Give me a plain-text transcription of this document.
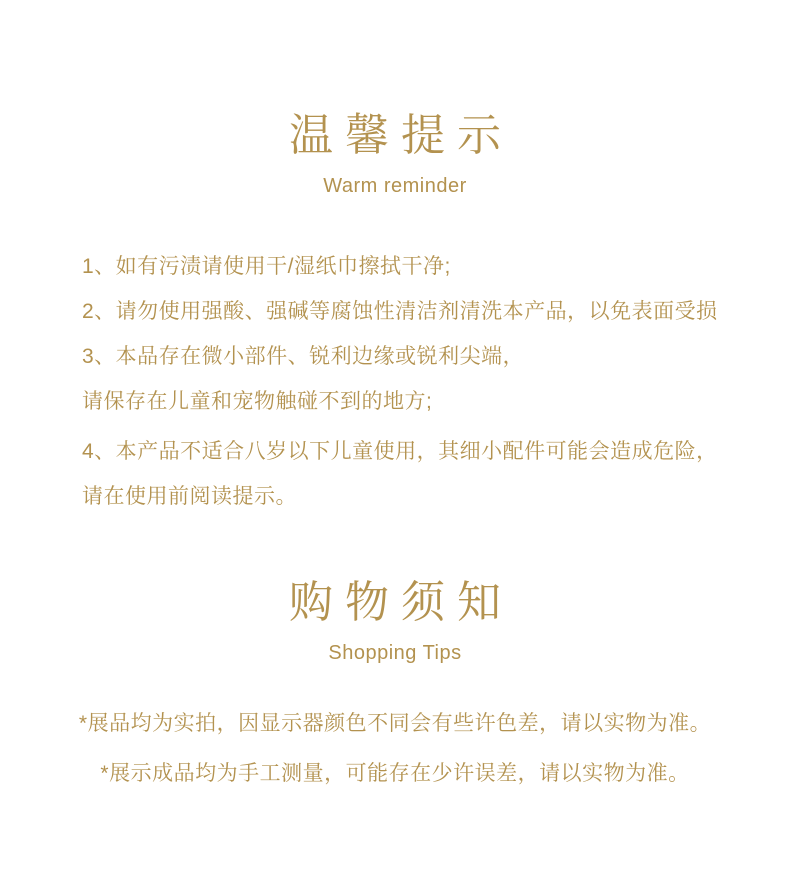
温馨提示
Warm reminder
1、如有污渍请使用干/湿纸巾擦拭干净;
2、请勿使用强酸、强碱等腐蚀性清洁剂清洗本产品，以免表面受损
3、本品存在微小部件、锐利边缘或锐利尖端，
请保存在儿童和宠物触碰不到的地方;
4、本产品不适合八岁以下儿童使用，其细小配件可能会造成危险，
请在使用前阅读提示。
购物须知
Shopping Tips
*展品均为实拍，因显示器颜色不同会有些许色差，请以实物为准。
*展示成品均为手工测量，可能存在少许误差，请以实物为准。
